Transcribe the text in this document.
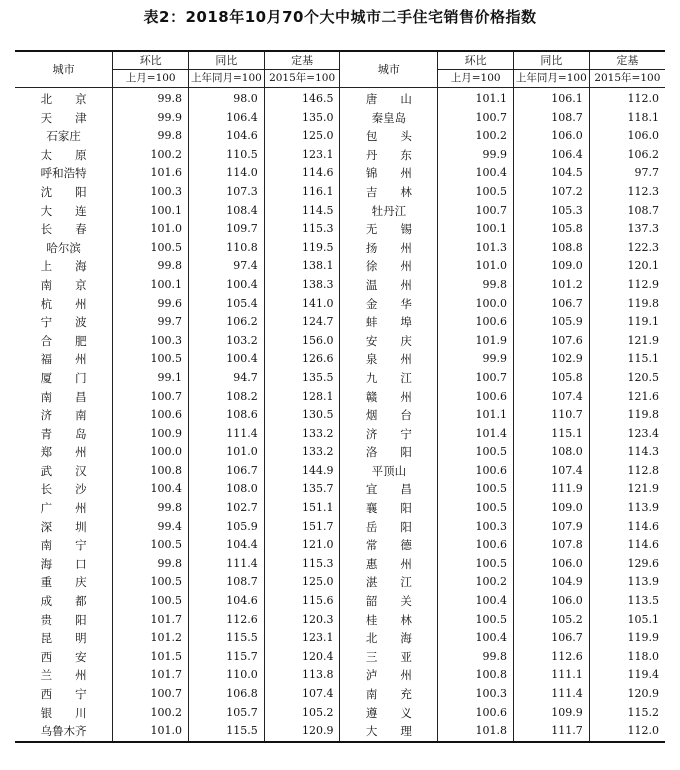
表2：2018年10月70个大中城市二手住宅销售价格指数
城市	环比	同比	定基	城市	环比	同比	定基
	上月=100	上年同月=100	2015年=100		上月=100	上年同月=100	2015年=100
北　　京	99.8	98.0	146.5	唐　　山	101.1	106.1	112.0
天　　津	99.9	106.4	135.0	秦皇岛	100.7	108.7	118.1
石家庄	99.8	104.6	125.0	包　　头	100.2	106.0	106.0
太　　原	100.2	110.5	123.1	丹　　东	99.9	106.4	106.2
呼和浩特	101.6	114.0	114.6	锦　　州	100.4	104.5	97.7
沈　　阳	100.3	107.3	116.1	吉　　林	100.5	107.2	112.3
大　　连	100.1	108.4	114.5	牡丹江	100.7	105.3	108.7
长　　春	101.0	109.7	115.3	无　　锡	100.1	105.8	137.3
哈尔滨	100.5	110.8	119.5	扬　　州	101.3	108.8	122.3
上　　海	99.8	97.4	138.1	徐　　州	101.0	109.0	120.1
南　　京	100.1	100.4	138.3	温　　州	99.8	101.2	112.9
杭　　州	99.6	105.4	141.0	金　　华	100.0	106.7	119.8
宁　　波	99.7	106.2	124.7	蚌　　埠	100.6	105.9	119.1
合　　肥	100.3	103.2	156.0	安　　庆	101.9	107.6	121.9
福　　州	100.5	100.4	126.6	泉　　州	99.9	102.9	115.1
厦　　门	99.1	94.7	135.5	九　　江	100.7	105.8	120.5
南　　昌	100.7	108.2	128.1	赣　　州	100.6	107.4	121.6
济　　南	100.6	108.6	130.5	烟　　台	101.1	110.7	119.8
青　　岛	100.9	111.4	133.2	济　　宁	101.4	115.1	123.4
郑　　州	100.0	101.0	133.2	洛　　阳	100.5	108.0	114.3
武　　汉	100.8	106.7	144.9	平顶山	100.6	107.4	112.8
长　　沙	100.4	108.0	135.7	宜　　昌	100.5	111.9	121.9
广　　州	99.8	102.7	151.1	襄　　阳	100.5	109.0	113.9
深　　圳	99.4	105.9	151.7	岳　　阳	100.3	107.9	114.6
南　　宁	100.5	104.4	121.0	常　　德	100.6	107.8	114.6
海　　口	99.8	111.4	115.3	惠　　州	100.5	106.0	129.6
重　　庆	100.5	108.7	125.0	湛　　江	100.2	104.9	113.9
成　　都	100.5	104.6	115.6	韶　　关	100.4	106.0	113.5
贵　　阳	101.7	112.6	120.3	桂　　林	100.5	105.2	105.1
昆　　明	101.2	115.5	123.1	北　　海	100.4	106.7	119.9
西　　安	101.5	115.7	120.4	三　　亚	99.8	112.6	118.0
兰　　州	101.7	110.0	113.8	泸　　州	100.8	111.1	119.4
西　　宁	100.7	106.8	107.4	南　　充	100.3	111.4	120.9
银　　川	100.2	105.7	105.2	遵　　义	100.6	109.9	115.2
乌鲁木齐	101.0	115.5	120.9	大　　理	101.8	111.7	112.0
